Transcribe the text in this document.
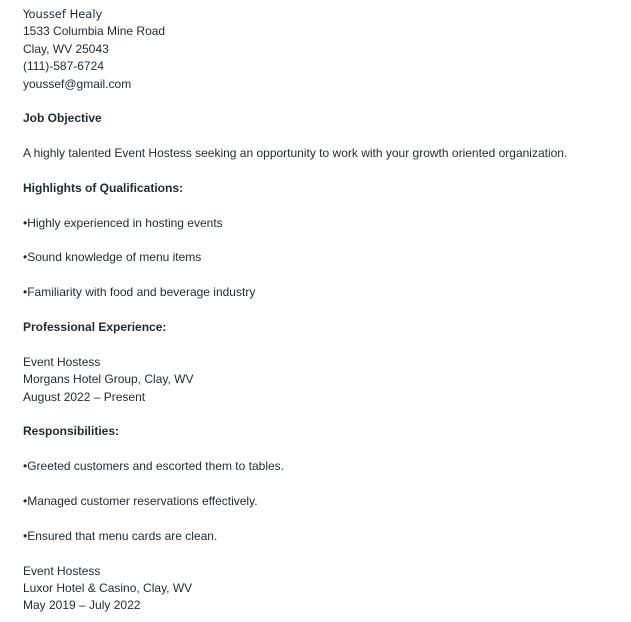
Youssef Healy
1533 Columbia Mine Road
Clay, WV 25043
(111)-587-6724
youssef@gmail.com
Job Objective
A highly talented Event Hostess seeking an opportunity to work with your growth oriented organization.
Highlights of Qualifications:
•Highly experienced in hosting events
•Sound knowledge of menu items
•Familiarity with food and beverage industry
Professional Experience:
Event Hostess
Morgans Hotel Group, Clay, WV
August 2022 – Present
Responsibilities:
•Greeted customers and escorted them to tables.
•Managed customer reservations effectively.
•Ensured that menu cards are clean.
Event Hostess
Luxor Hotel & Casino, Clay, WV
May 2019 – July 2022
